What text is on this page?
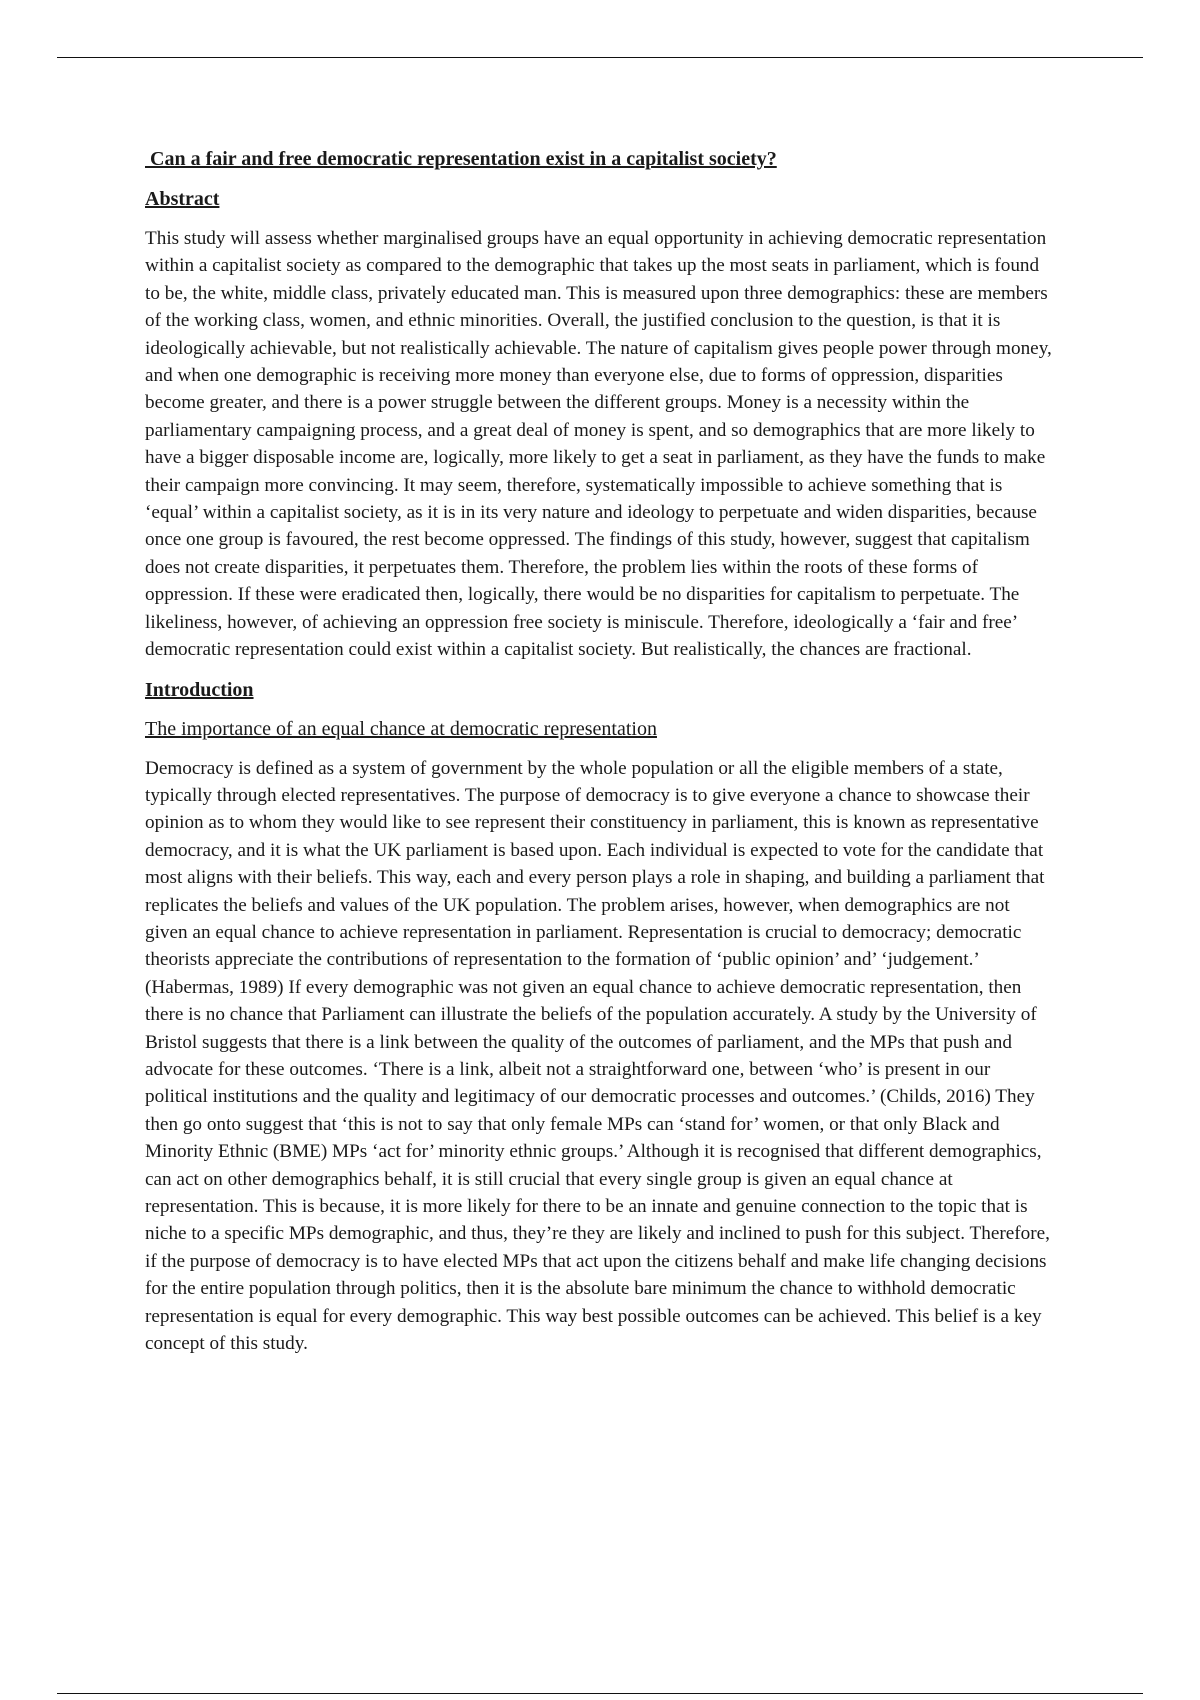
Can a fair and free democratic representation exist in a capitalist society?
Abstract

This study will assess whether marginalised groups have an equal opportunity in achieving democratic representation within a capitalist society as compared to the demographic that takes up the most seats in parliament, which is found to be, the white, middle class, privately educated man. This is measured upon three demographics: these are members of the working class, women, and ethnic minorities. Overall, the justified conclusion to the question, is that it is ideologically achievable, but not realistically achievable. The nature of capitalism gives people power through money, and when one demographic is receiving more money than everyone else, due to forms of oppression, disparities become greater, and there is a power struggle between the different groups. Money is a necessity within the parliamentary campaigning process, and a great deal of money is spent, and so demographics that are more likely to have a bigger disposable income are, logically, more likely to get a seat in parliament, as they have the funds to make their campaign more convincing. It may seem, therefore, systematically impossible to achieve something that is ‘equal’ within a capitalist society, as it is in its very nature and ideology to perpetuate and widen disparities, because once one group is favoured, the rest become oppressed. The findings of this study, however, suggest that capitalism does not create disparities, it perpetuates them. Therefore, the problem lies within the roots of these forms of oppression. If these were eradicated then, logically, there would be no disparities for capitalism to perpetuate. The likeliness, however, of achieving an oppression free society is miniscule. Therefore, ideologically a ‘fair and free’ democratic representation could exist within a capitalist society. But realistically, the chances are fractional.

Introduction
The importance of an equal chance at democratic representation

Democracy is defined as a system of government by the whole population or all the eligible members of a state, typically through elected representatives. The purpose of democracy is to give everyone a chance to showcase their opinion as to whom they would like to see represent their constituency in parliament, this is known as representative democracy, and it is what the UK parliament is based upon. Each individual is expected to vote for the candidate that most aligns with their beliefs. This way, each and every person plays a role in shaping, and building a parliament that replicates the beliefs and values of the UK population. The problem arises, however, when demographics are not given an equal chance to achieve representation in parliament. Representation is crucial to democracy; democratic theorists appreciate the contributions of representation to the formation of ‘public opinion’ and’ ‘judgement.’ (Habermas, 1989) If every demographic was not given an equal chance to achieve democratic representation, then there is no chance that Parliament can illustrate the beliefs of the population accurately. A study by the University of Bristol suggests that there is a link between the quality of the outcomes of parliament, and the MPs that push and advocate for these outcomes. ‘There is a link, albeit not a straightforward one, between ‘who’ is present in our political institutions and the quality and legitimacy of our democratic processes and outcomes.’ (Childs, 2016) They then go onto suggest that ‘this is not to say that only female MPs can ‘stand for’ women, or that only Black and Minority Ethnic (BME) MPs ‘act for’ minority ethnic groups.’ Although it is recognised that different demographics, can act on other demographics behalf, it is still crucial that every single group is given an equal chance at representation. This is because, it is more likely for there to be an innate and genuine connection to the topic that is niche to a specific MPs demographic, and thus, they’re they are likely and inclined to push for this subject. Therefore, if the purpose of democracy is to have elected MPs that act upon the citizens behalf and make life changing decisions for the entire population through politics, then it is the absolute bare minimum the chance to withhold democratic representation is equal for every demographic. This way best possible outcomes can be achieved. This belief is a key concept of this study.
